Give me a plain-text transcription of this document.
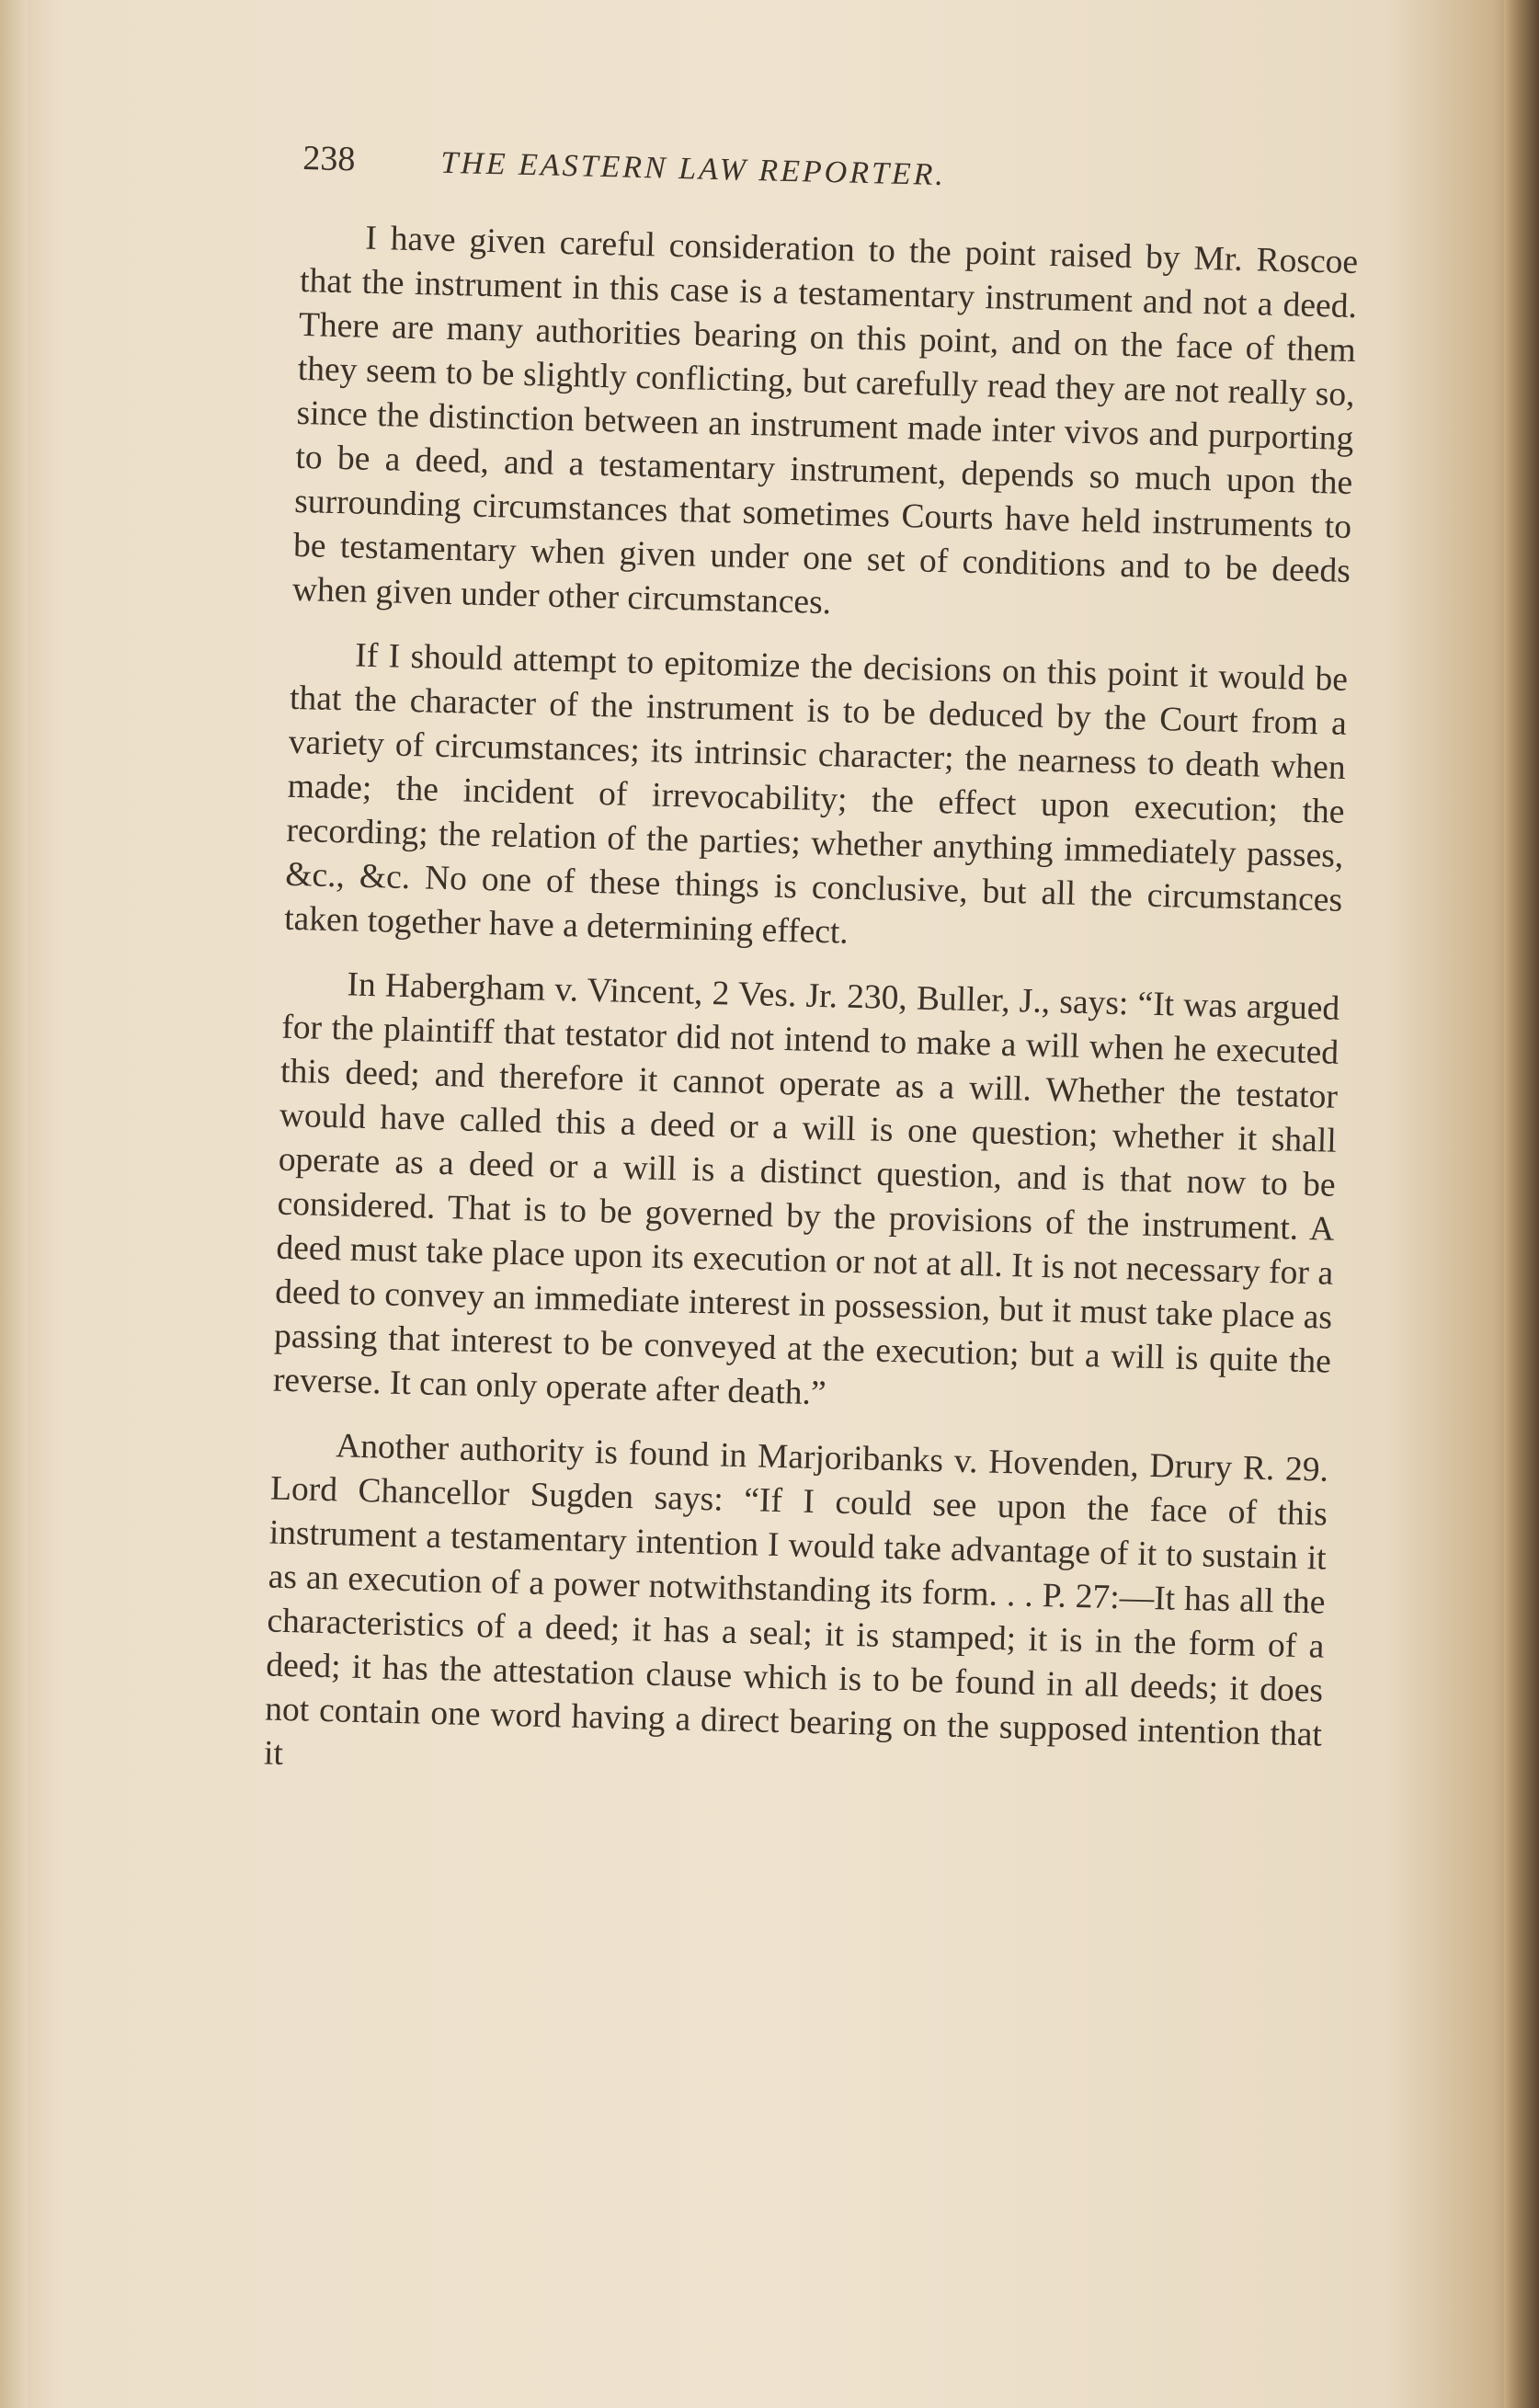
238	THE EASTERN LAW REPORTER.

I have given careful consideration to the point raised by Mr. Roscoe that the instrument in this case is a testamentary instrument and not a deed. There are many authorities bearing on this point, and on the face of them they seem to be slightly conflicting, but carefully read they are not really so, since the distinction between an instrument made inter vivos and purporting to be a deed, and a testamentary instrument, depends so much upon the surrounding circumstances that sometimes Courts have held instruments to be testamentary when given under one set of conditions and to be deeds when given under other circumstances.

If I should attempt to epitomize the decisions on this point it would be that the character of the instrument is to be deduced by the Court from a variety of circumstances; its intrinsic character; the nearness to death when made; the incident of irrevocability; the effect upon execution; the recording; the relation of the parties; whether anything immediately passes, &c., &c. No one of these things is conclusive, but all the circumstances taken together have a determining effect.

In Habergham v. Vincent, 2 Ves. Jr. 230, Buller, J., says: “It was argued for the plaintiff that testator did not intend to make a will when he executed this deed; and therefore it cannot operate as a will. Whether the testator would have called this a deed or a will is one question; whether it shall operate as a deed or a will is a distinct question, and is that now to be considered. That is to be governed by the provisions of the instrument. A deed must take place upon its execution or not at all. It is not necessary for a deed to convey an immediate interest in possession, but it must take place as passing that interest to be conveyed at the execution; but a will is quite the reverse. It can only operate after death.”

Another authority is found in Marjoribanks v. Hovenden, Drury R. 29. Lord Chancellor Sugden says: “If I could see upon the face of this instrument a testamentary intention I would take advantage of it to sustain it as an execution of a power notwithstanding its form. . . P. 27:—It has all the characteristics of a deed; it has a seal; it is stamped; it is in the form of a deed; it has the attestation clause which is to be found in all deeds; it does not contain one word having a direct bearing on the supposed intention that it
